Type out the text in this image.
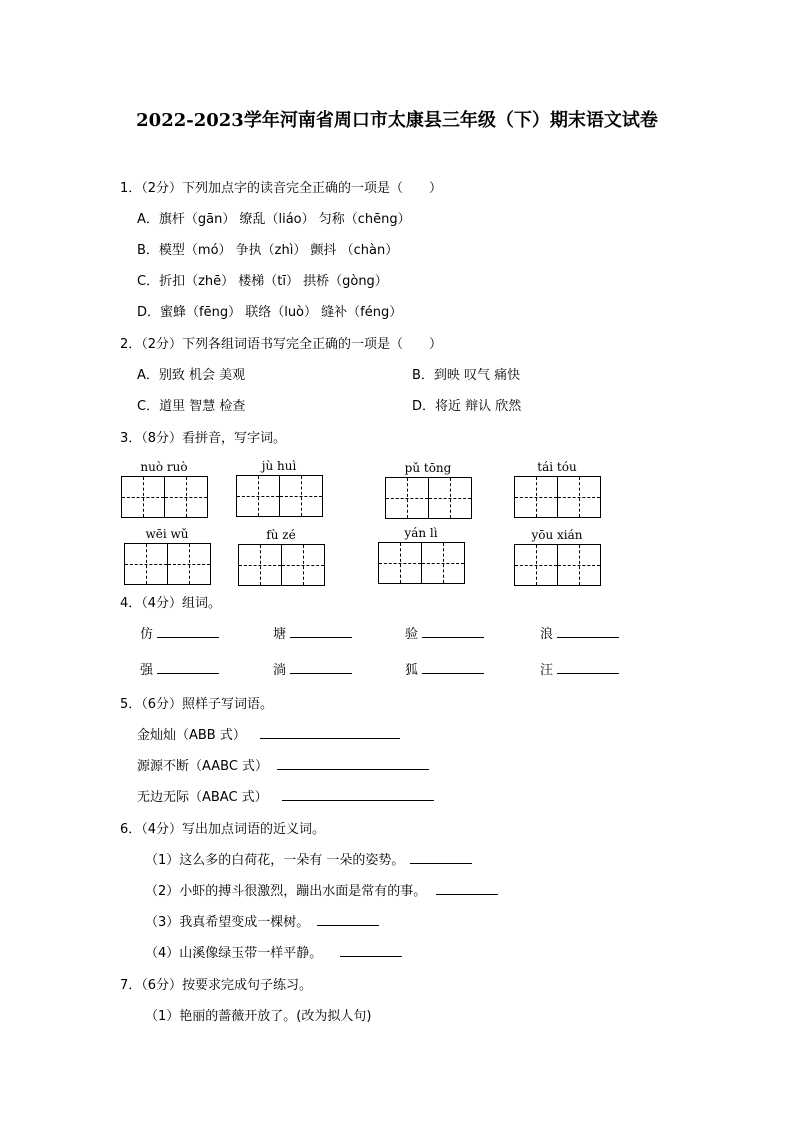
2022-2023学年河南省周口市太康县三年级（下）期末语文试卷
1．（2分）下列加点字的读音完全正确的一项是（　　）
A．旗杆（gān） 缭乱（liáo） 匀称（chēng）
B．模型（mó） 争执（zhì） 颤抖 （chàn）
C．折扣（zhē） 楼梯（tī） 拱桥（gòng）
D．蜜蜂（fēng） 联络（luò） 缝补（féng）
2．（2分）下列各组词语书写完全正确的一项是（　　）
A．别致 机会 美观	B．到映 叹气 痛快
C．道里 智慧 检查	D．将近 辩认 欣然
3．（8分）看拼音，写字词。
nuò ruò	jù huì	pǔ tōng	tái tóu
wēi wǔ	fù zé	yán lì	yōu xián
4．（4分）组词。
仿	塘	验	浪
强	淌	狐	汪
5．（6分）照样子写词语。
金灿灿（ABB 式）　
源源不断（AABC 式）　
无边无际（ABAC 式）　
6．（4分）写出加点词语的近义词。
（1）这么多的白荷花，一朵有 一朵的姿势。
（2）小虾的搏斗很激烈，蹦出水面是常有的事。
（3）我真希望变成一棵树。
（4）山溪像绿玉带一样平静。
7．（6分）按要求完成句子练习。
（1）艳丽的蔷薇开放了。(改为拟人句)
